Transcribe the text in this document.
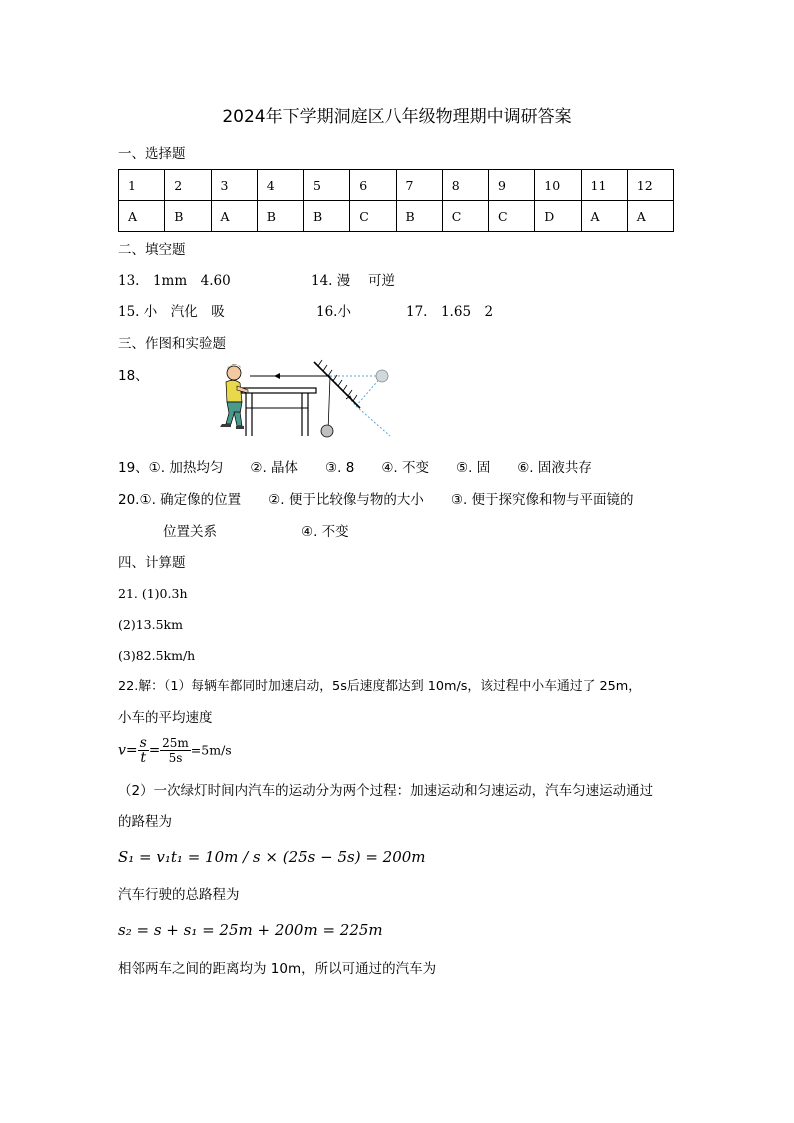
2024年下学期洞庭区八年级物理期中调研答案
一、选择题
1	2	3	4	5	6	7	8	9	10	11	12
A	B	A	B	B	C	B	C	C	D	A	A
二、填空题
13.　1mm　4.60	14. 漫　 可逆
15. 小　汽化　吸	16.小	17.　1.65　2
三、作图和实验题
18、
19、①. 加热均匀　　②. 晶体　　③. 8　　④. 不变　　⑤. 固　　⑥. 固液共存
20.①. 确定像的位置　　②. 便于比较像与物的大小　　③. 便于探究像和物与平面镜的
位置关系	④. 不变
四、计算题
21. (1)0.3h
(2)13.5km
(3)82.5km/h
22.解：（1）每辆车都同时加速启动，5s后速度都达到 10m/s，该过程中小车通过了 25m，
小车的平均速度
$v= \frac{s}{t} = \frac{25m}{5s} =5m/s$
（2）一次绿灯时间内汽车的运动分为两个过程：加速运动和匀速运动，汽车匀速运动通过
的路程为
S₁ = v₁t₁ = 10m / s × (25s − 5s) = 200m
汽车行驶的总路程为
s₂ = s + s₁ = 25m + 200m = 225m
相邻两车之间的距离均为 10m，所以可通过的汽车为
